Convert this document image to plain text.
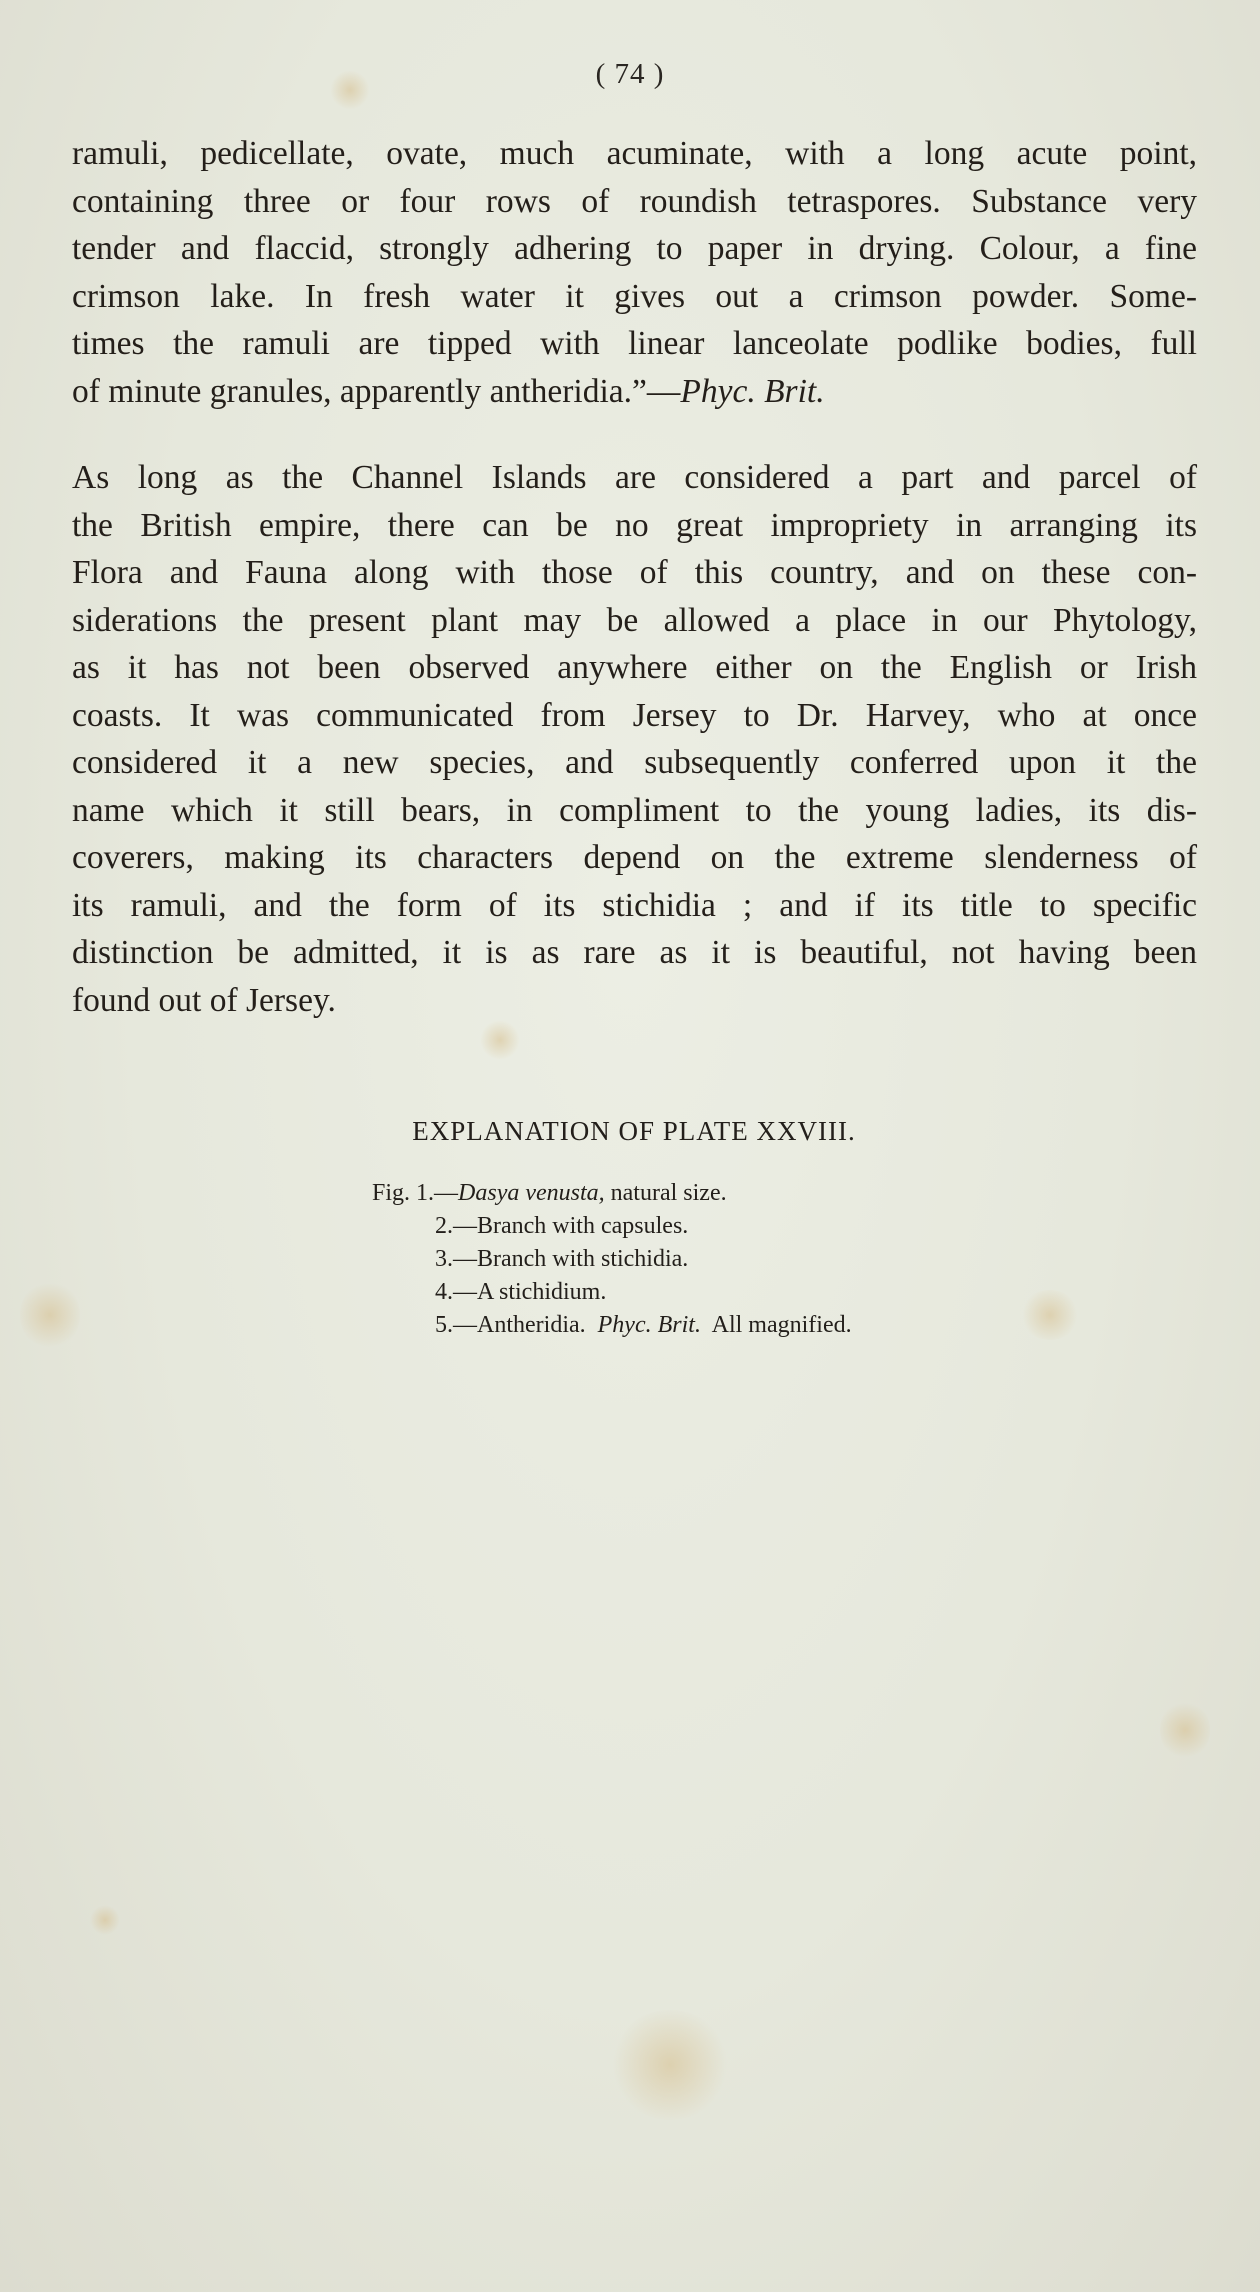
( 74 )
ramuli, pedicellate, ovate, much acuminate, with a long acute point,
containing three or four rows of roundish tetraspores. Substance very
tender and flaccid, strongly adhering to paper in drying. Colour, a fine
crimson lake. In fresh water it gives out a crimson powder. Some-
times the ramuli are tipped with linear lanceolate podlike bodies, full
of minute granules, apparently antheridia.”—Phyc. Brit.
As long as the Channel Islands are considered a part and parcel of
the British empire, there can be no great impropriety in arranging its
Flora and Fauna along with those of this country, and on these con-
siderations the present plant may be allowed a place in our Phytology,
as it has not been observed anywhere either on the English or Irish
coasts. It was communicated from Jersey to Dr. Harvey, who at once
considered it a new species, and subsequently conferred upon it the
name which it still bears, in compliment to the young ladies, its dis-
coverers, making its characters depend on the extreme slenderness of
its ramuli, and the form of its stichidia ; and if its title to specific
distinction be admitted, it is as rare as it is beautiful, not having been
found out of Jersey.
EXPLANATION OF PLATE XXVIII.
Fig. 1.—Dasya venusta, natural size.
2.—Branch with capsules.
3.—Branch with stichidia.
4.—A stichidium.
5.—Antheridia.  Phyc. Brit.  All magnified.
